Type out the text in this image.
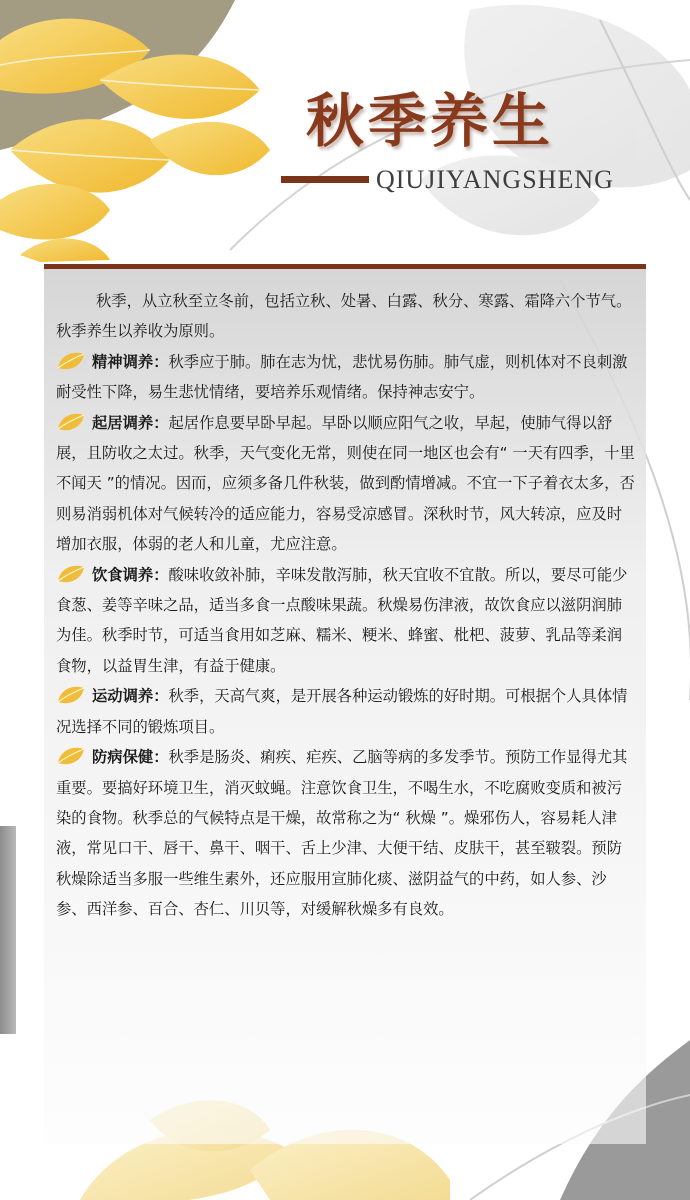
秋季养生
QIUJIYANGSHENG

秋季，从立秋至立冬前，包括立秋、处暑、白露、秋分、寒露、霜降六个节气。秋季养生以养收为原则。

精神调养：秋季应于肺。肺在志为忧，悲忧易伤肺。肺气虚，则机体对不良刺激耐受性下降，易生悲忧情绪，要培养乐观情绪。保持神志安宁。

起居调养：起居作息要早卧早起。早卧以顺应阳气之收，早起，使肺气得以舒展，且防收之太过。秋季，天气变化无常，则使在同一地区也会有“ 一天有四季，十里不闻天 ”的情况。因而，应须多备几件秋装，做到酌情增减。不宜一下子着衣太多，否则易消弱机体对气候转冷的适应能力，容易受凉感冒。深秋时节，风大转凉，应及时增加衣服，体弱的老人和儿童，尤应注意。

饮食调养：酸味收敛补肺，辛味发散泻肺，秋天宜收不宜散。所以，要尽可能少食葱、姜等辛味之品，适当多食一点酸味果蔬。秋燥易伤津液，故饮食应以滋阴润肺为佳。秋季时节，可适当食用如芝麻、糯米、粳米、蜂蜜、枇杷、菠萝、乳品等柔润食物，以益胃生津，有益于健康。

运动调养：秋季，天高气爽，是开展各种运动锻炼的好时期。可根据个人具体情况选择不同的锻炼项目。

防病保健：秋季是肠炎、痢疾、疟疾、乙脑等病的多发季节。预防工作显得尤其重要。要搞好环境卫生，消灭蚊蝇。注意饮食卫生，不喝生水，不吃腐败变质和被污染的食物。秋季总的气候特点是干燥，故常称之为“ 秋燥 ”。燥邪伤人，容易耗人津液，常见口干、唇干、鼻干、咽干、舌上少津、大便干结、皮肤干，甚至皲裂。预防秋燥除适当多服一些维生素外，还应服用宣肺化痰、滋阴益气的中药，如人参、沙参、西洋参、百合、杏仁、川贝等，对缓解秋燥多有良效。
